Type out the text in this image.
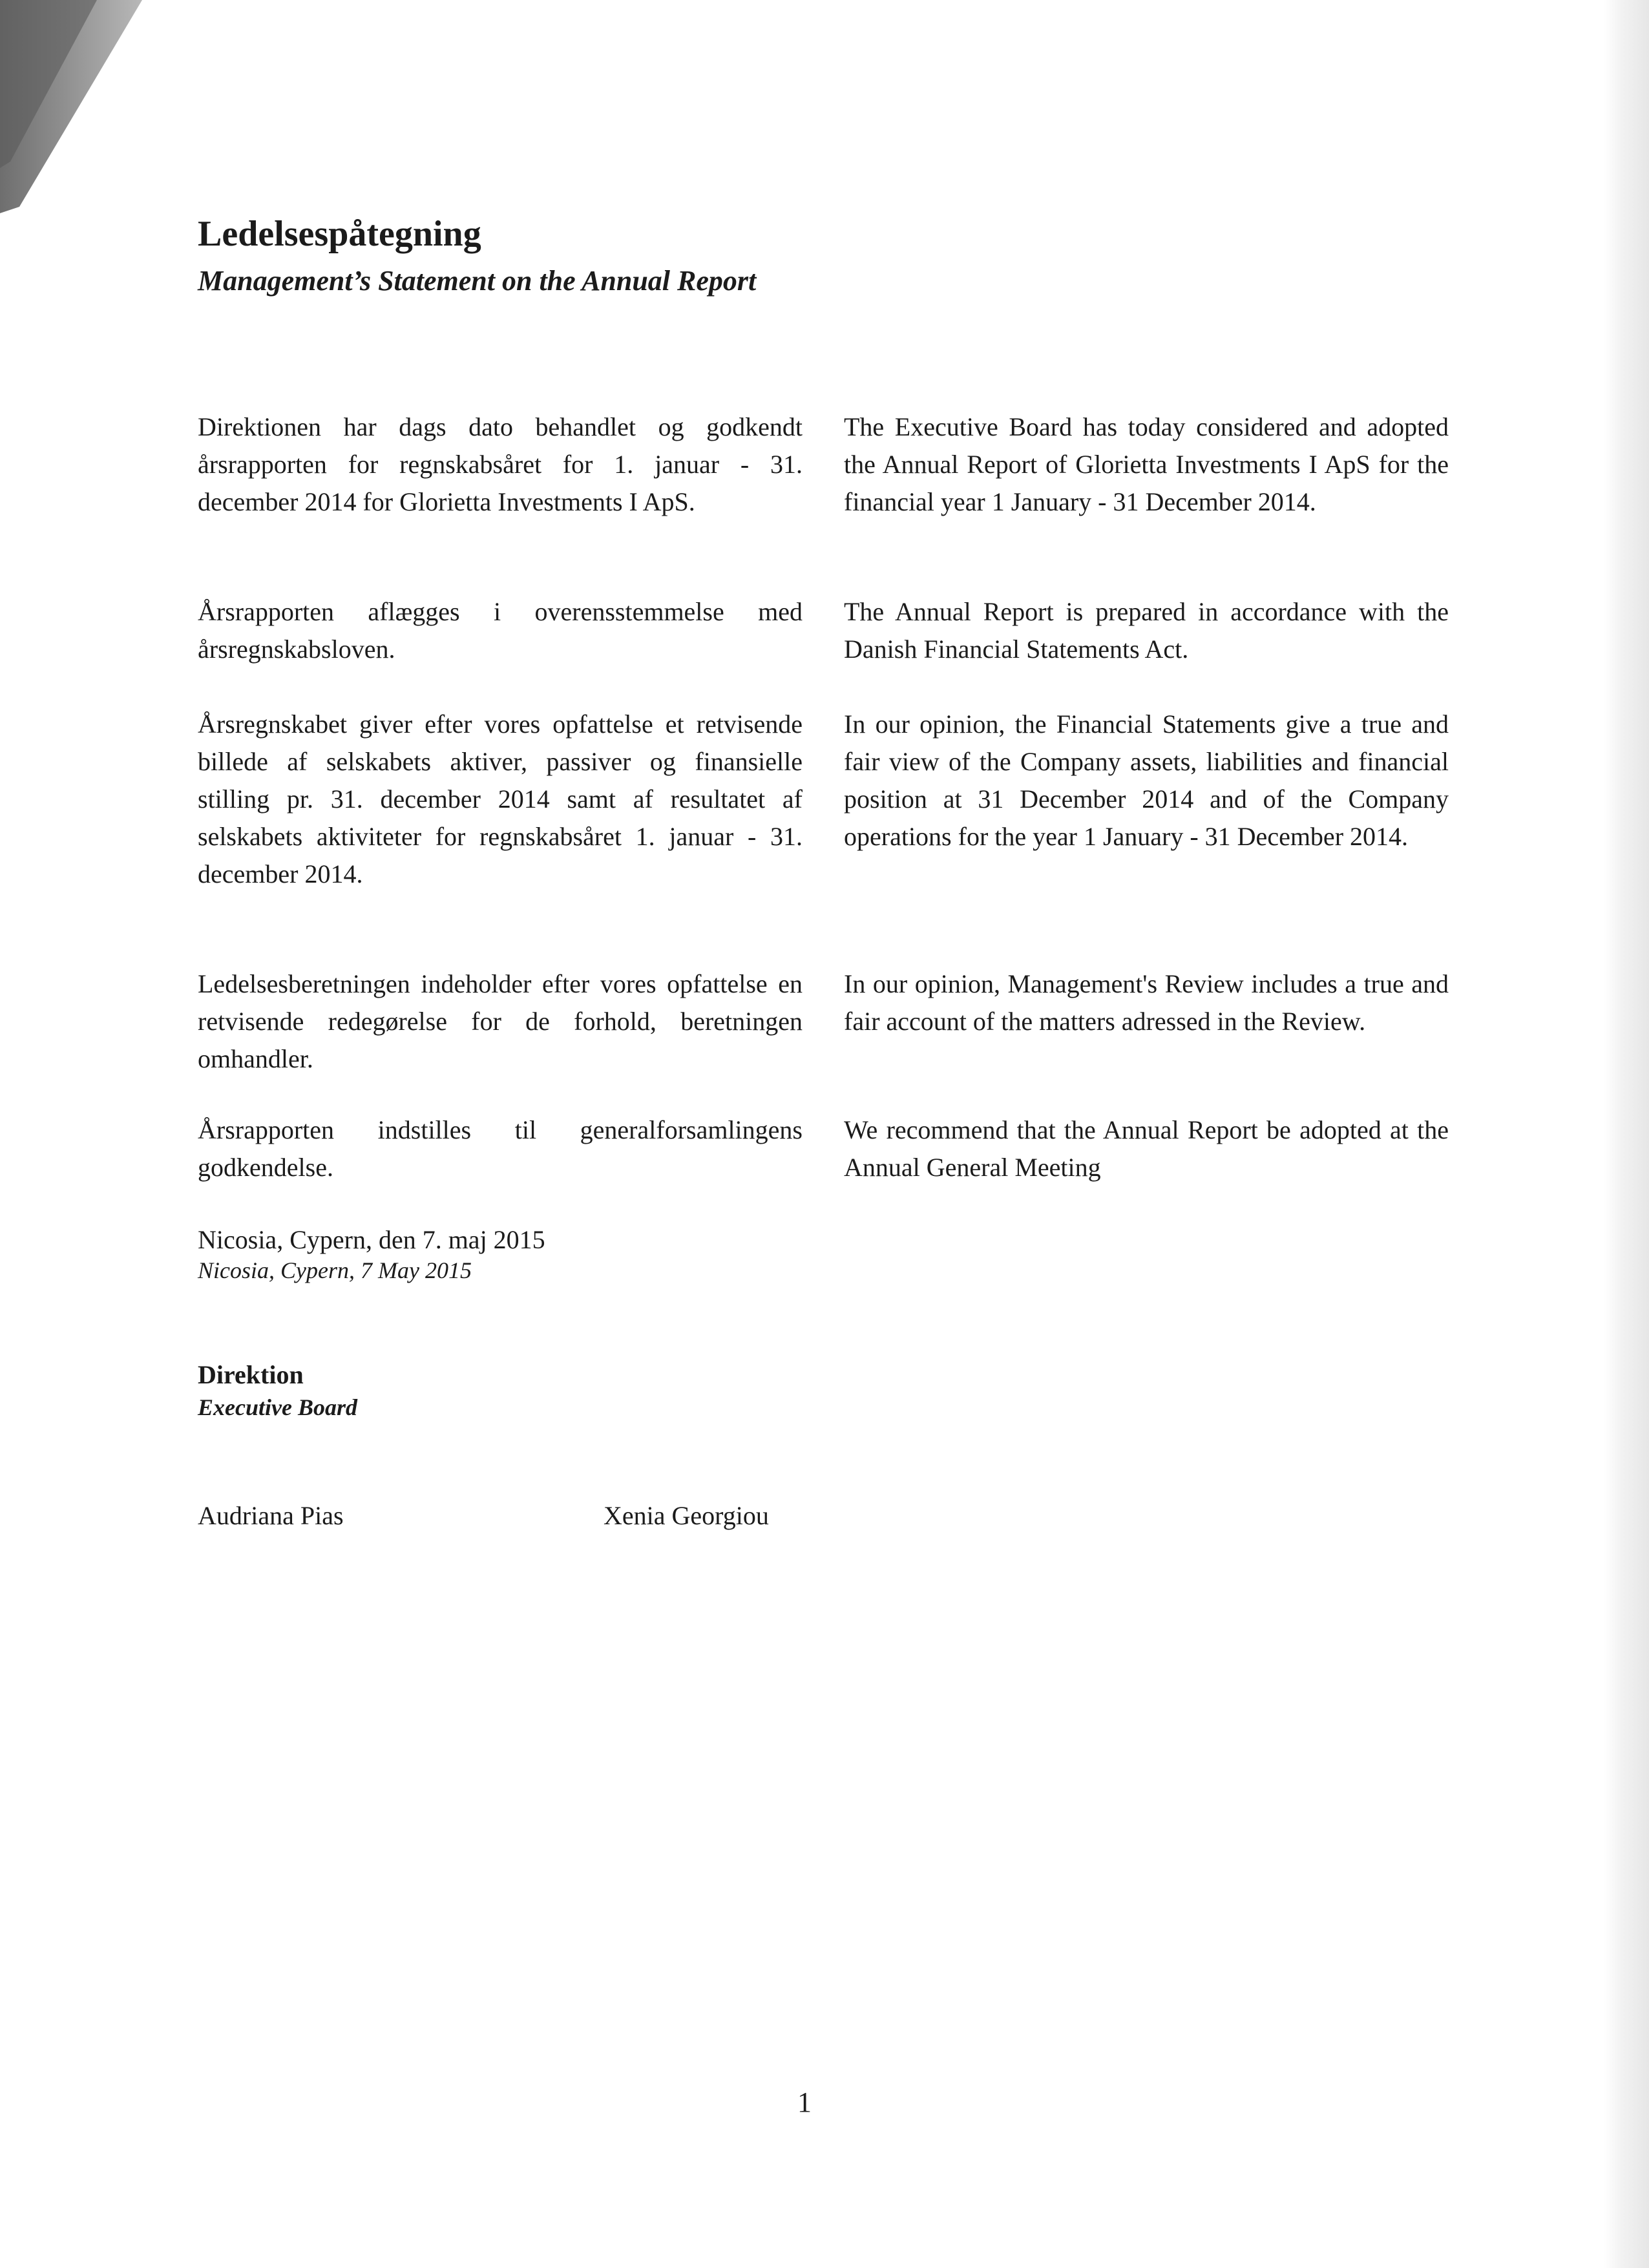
Ledelsespåtegning
Management’s Statement on the Annual Report

Direktionen har dags dato behandlet og godkendt årsrapporten for regnskabsåret for 1. januar - 31. december 2014 for Glorietta Investments I ApS.

The Executive Board has today considered and adopted the Annual Report of Glorietta Investments I ApS for the financial year 1 January - 31 December 2014.

Årsrapporten aflægges i overensstemmelse med årsregnskabsloven.

The Annual Report is prepared in accordance with the Danish Financial Statements Act.

Årsregnskabet giver efter vores opfattelse et retvisende billede af selskabets aktiver, passiver og finansielle stilling pr. 31. december 2014 samt af resultatet af selskabets aktiviteter for regnskabsåret 1. januar - 31. december 2014.

In our opinion, the Financial Statements give a true and fair view of the Company assets, liabilities and financial position at 31 December 2014 and of the Company operations for the year 1 January - 31 December 2014.

Ledelsesberetningen indeholder efter vores opfattelse en retvisende redegørelse for de forhold, beretningen omhandler.

In our opinion, Management's Review includes a true and fair account of the matters adressed in the Review.

Årsrapporten indstilles til generalforsamlingens godkendelse.

We recommend that the Annual Report be adopted at the Annual General Meeting

Nicosia, Cypern, den 7. maj 2015

Nicosia, Cypern, 7 May 2015

Direktion

Executive Board

Audriana Pias	Xenia Georgiou

1
